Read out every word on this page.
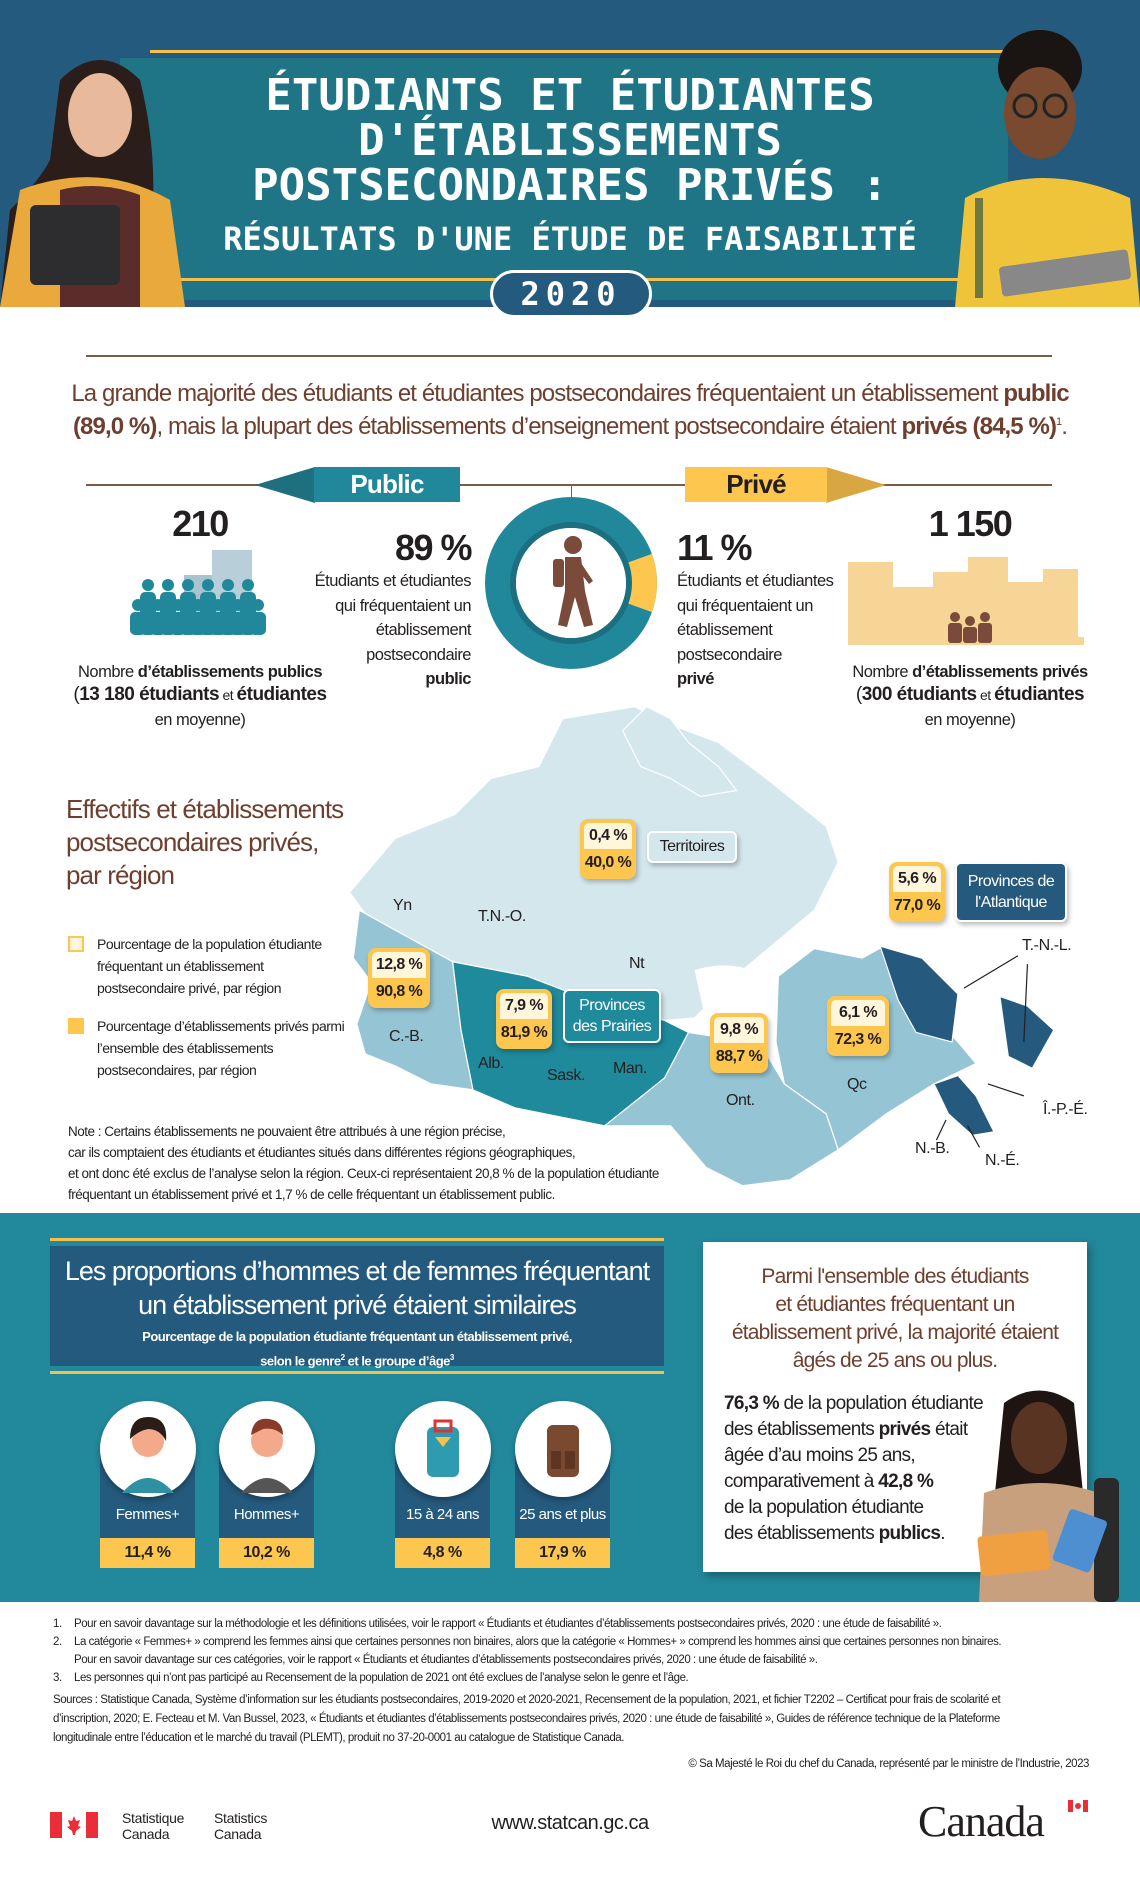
ÉTUDIANTS ET ÉTUDIANTES
D'ÉTABLISSEMENTS
POSTSECONDAIRES PRIVÉS :
RÉSULTATS D'UNE ÉTUDE DE FAISABILITÉ
2020
La grande majorité des étudiants et étudiantes postsecondaires fréquentaient un établissement public
(89,0 %), mais la plupart des établissements d’enseignement postsecondaire étaient privés (84,5 %)$^1$.
Public	Privé
210
Nombre d’établissements publics
(13 180 étudiants et étudiantes
en moyenne)
89 %
Étudiants et étudiantes
qui fréquentaient un
établissement
postsecondaire
public
11 %
Étudiants et étudiantes
qui fréquentaient un
établissement
postsecondaire
privé
1 150
Nombre d’établissements privés
(300 étudiants et étudiantes
en moyenne)
Effectifs et établissements
postsecondaires privés,
par région
Pourcentage de la population étudiante
fréquentant un établissement
postsecondaire privé, par région
Pourcentage d’établissements privés parmi
l’ensemble des établissements
postsecondaires, par région
0,4 %
40,0 %
Territoires
5,6 %
77,0 %
Provinces de
l'Atlantique
12,8 %
90,8 %
7,9 %
81,9 %
Provinces
des Prairies	9,8 %
88,7 %
6,1 %
72,3 %
Yn
T.N.-O.
Nt
C.-B.
Alb.
Sask. Man.
Ont.
Qc
T.-N.-L.
Î.-P.-É.
N.-B.
N.-É.
Note : Certains établissements ne pouvaient être attribués à une région précise,
car ils comptaient des étudiants et étudiantes situés dans différentes régions géographiques,
et ont donc été exclus de l’analyse selon la région. Ceux-ci représentaient 20,8 % de la population étudiante
fréquentant un établissement privé et 1,7 % de celle fréquentant un établissement public.
Les proportions d’hommes et de femmes fréquentant
un établissement privé étaient similaires
Pourcentage de la population étudiante fréquentant un établissement privé,
selon le genre$^2$ et le groupe d’âge$^3$
Femmes+
11,4 %
Hommes+
10,2 %
15 à 24 ans
4,8 %
25 ans et plus
17,9 %
Parmi l'ensemble des étudiants
et étudiantes fréquentant un
établissement privé, la majorité étaient
âgés de 25 ans ou plus.
76,3 % de la population étudiante
des établissements privés était
âgée d’au moins 25 ans,
comparativement à 42,8 %
de la population étudiante
des établissements publics.
1. Pour en savoir davantage sur la méthodologie et les définitions utilisées, voir le rapport « Étudiants et étudiantes d’établissements postsecondaires privés, 2020 : une étude de faisabilité ».
2. La catégorie « Femmes+ » comprend les femmes ainsi que certaines personnes non binaires, alors que la catégorie « Hommes+ » comprend les hommes ainsi que certaines personnes non binaires.
Pour en savoir davantage sur ces catégories, voir le rapport « Étudiants et étudiantes d’établissements postsecondaires privés, 2020 : une étude de faisabilité ».
3. Les personnes qui n’ont pas participé au Recensement de la population de 2021 ont été exclues de l’analyse selon le genre et l’âge.
Sources : Statistique Canada, Système d’information sur les étudiants postsecondaires, 2019-2020 et 2020-2021, Recensement de la population, 2021, et fichier T2202 – Certificat pour frais de scolarité et
d’inscription, 2020; E. Fecteau et M. Van Bussel, 2023, « Étudiants et étudiantes d’établissements postsecondaires privés, 2020 : une étude de faisabilité », Guides de référence technique de la Plateforme
longitudinale entre l’éducation et le marché du travail (PLEMT), produit no 37-20-0001 au catalogue de Statistique Canada.
© Sa Majesté le Roi du chef du Canada, représenté par le ministre de l’Industrie, 2023
Statistique
Canada
Statistics
Canada	www.statcan.gc.ca	Canada
